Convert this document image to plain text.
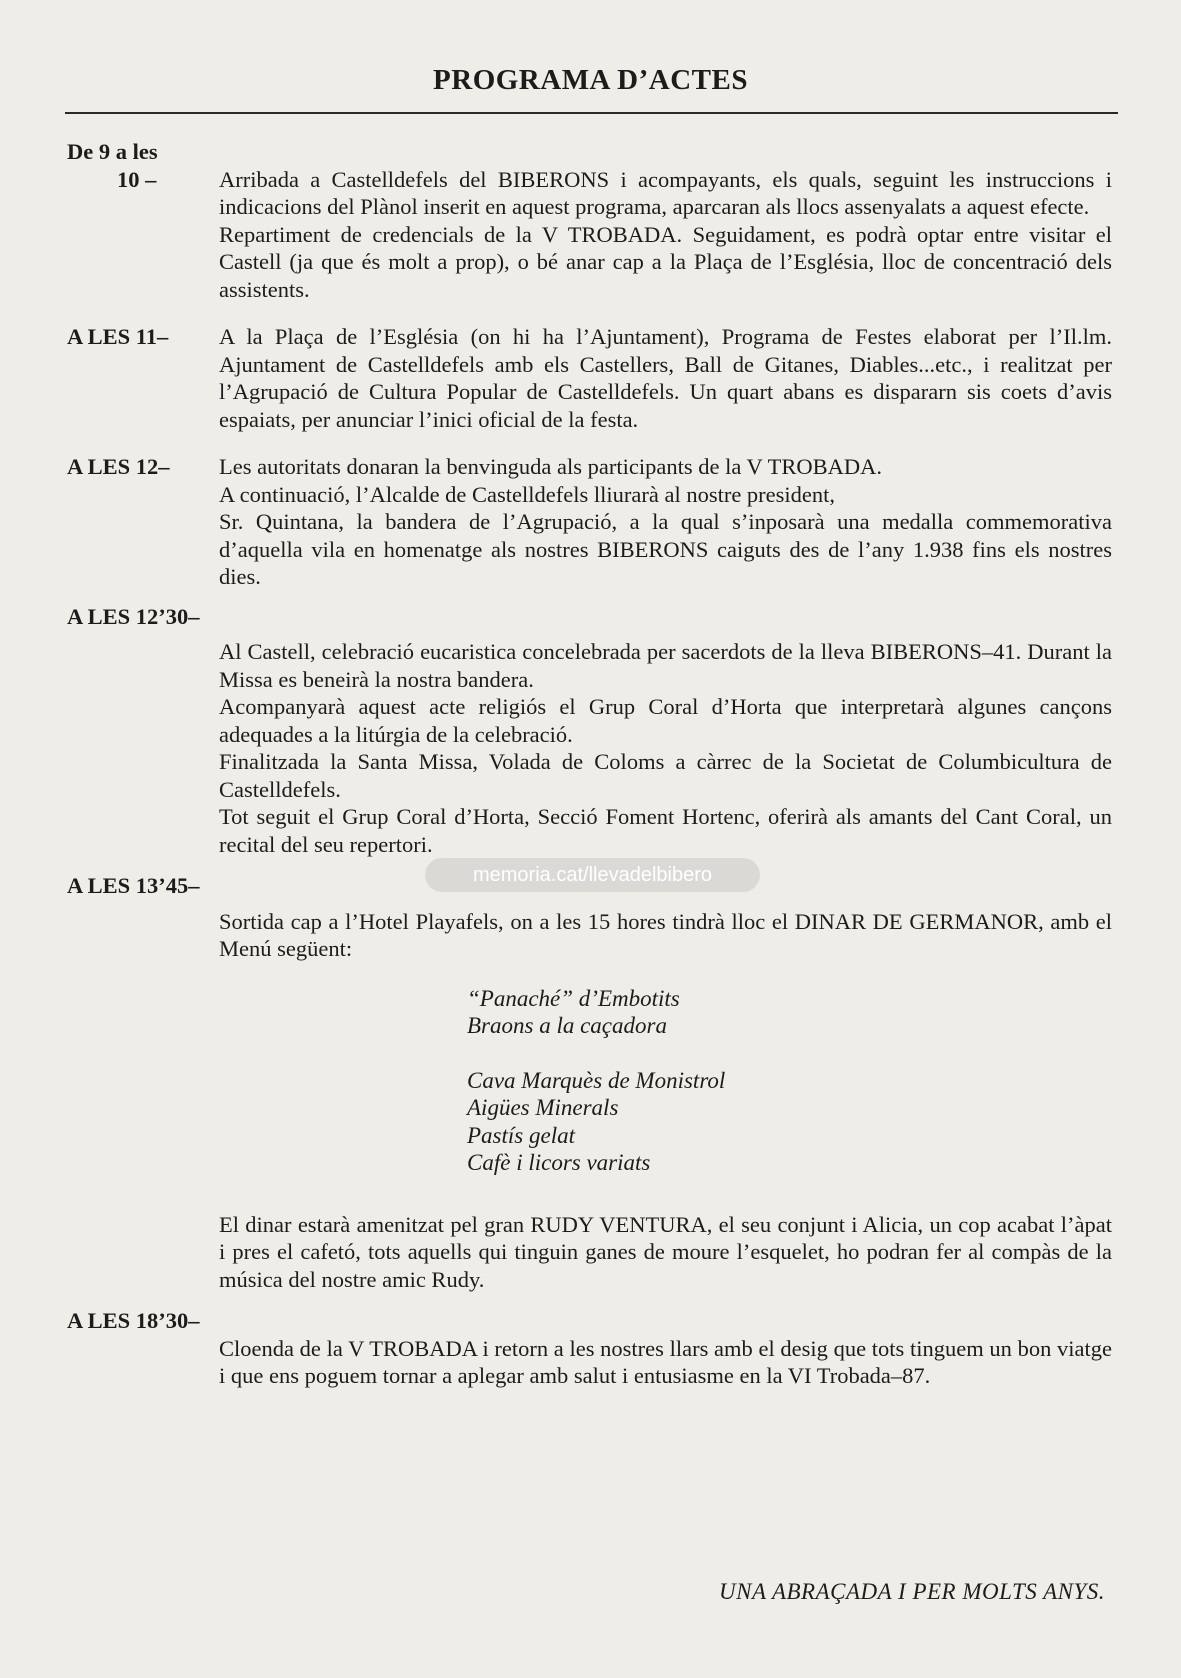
PROGRAMA D’ACTES
De 9 a les
10 –	Arribada a Castelldefels del BIBERONS i acompayants, els quals, seguint les instruccions i indicacions del Plànol inserit en aquest programa, aparcaran als llocs assenyalats a aquest efecte.

Repartiment de credencials de la V TROBADA. Seguidament, es podrà optar entre visitar el Castell (ja que és molt a prop), o bé anar cap a la Plaça de l’Església, lloc de concentració dels assistents.

A LES 11– A la Plaça de l’Església (on hi ha l’Ajuntament), Programa de Festes elaborat per l’Il.lm. Ajuntament de Castelldefels amb els Castellers, Ball de Gitanes, Diables...etc., i realitzat per l’Agrupació de Cultura Popular de Castelldefels. Un quart abans es dispararn sis coets d’avis espaiats, per anunciar l’inici oficial de la festa.

A LES 12– Les autoritats donaran la benvinguda als participants de la V TROBADA.

A continuació, l’Alcalde de Castelldefels lliurarà al nostre president,

Sr. Quintana, la bandera de l’Agrupació, a la qual s’inposarà una medalla commemorativa d’aquella vila en homenatge als nostres BIBERONS caiguts des de l’any 1.938 fins els nostres dies.

A LES 12’30–

Al Castell, celebració eucaristica concelebrada per sacerdots de la lleva BIBERONS–41. Durant la Missa es beneirà la nostra bandera.

Acompanyarà aquest acte religiós el Grup Coral d’Horta que interpretarà algunes cançons adequades a la litúrgia de la celebració.

Finalitzada la Santa Missa, Volada de Coloms a càrrec de la Societat de Columbicultura de Castelldefels.

Tot seguit el Grup Coral d’Horta, Secció Foment Hortenc, oferirà als amants del Cant Coral, un recital del seu repertori.

A LES 13’45–

Sortida cap a l’Hotel Playafels, on a les 15 hores tindrà lloc el DINAR DE GERMANOR, amb el Menú següent:

“Panaché” d’Embotits
Braons a la caçadora
Cava Marquès de Monistrol
Aigües Minerals
Pastís gelat
Cafè i licors variats

El dinar estarà amenitzat pel gran RUDY VENTURA, el seu conjunt i Alicia, un cop acabat l’àpat i pres el cafetó, tots aquells qui tinguin ganes de moure l’esquelet, ho podran fer al compàs de la música del nostre amic Rudy.

A LES 18’30–

Cloenda de la V TROBADA i retorn a les nostres llars amb el desig que tots tinguem un bon viatge i que ens poguem tornar a aplegar amb salut i entusiasme en la VI Trobada–87.

UNA ABRAÇADA I PER MOLTS ANYS.
memoria.cat/llevadelbibero
